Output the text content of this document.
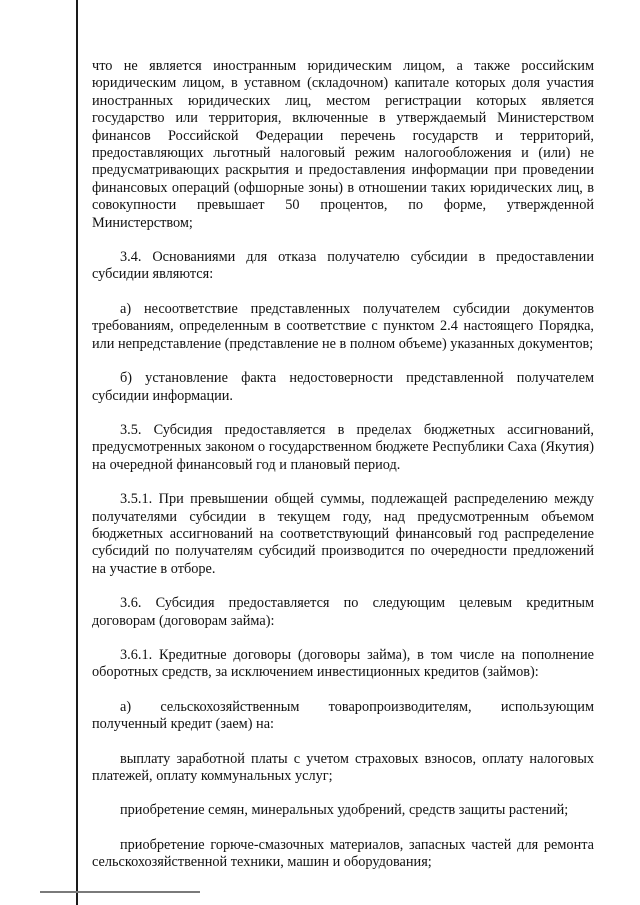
что не является иностранным юридическим лицом, а также российским юридическим лицом, в уставном (складочном) капитале которых доля участия иностранных юридических лиц, местом регистрации которых является государство или территория, включенные в утверждаемый Министерством финансов Российской Федерации перечень государств и территорий, предоставляющих льготный налоговый режим налогообложения и (или) не предусматривающих раскрытия и предоставления информации при проведении финансовых операций (офшорные зоны) в отношении таких юридических лиц, в совокупности превышает 50 процентов, по форме, утвержденной Министерством;

3.4. Основаниями для отказа получателю субсидии в предоставлении субсидии являются:

а) несоответствие представленных получателем субсидии документов требованиям, определенным в соответствие с пунктом 2.4 настоящего Порядка, или непредставление (представление не в полном объеме) указанных документов;

б) установление факта недостоверности представленной получателем субсидии информации.

3.5. Субсидия предоставляется в пределах бюджетных ассигнований, предусмотренных законом о государственном бюджете Республики Саха (Якутия) на очередной финансовый год и плановый период.

3.5.1. При превышении общей суммы, подлежащей распределению между получателями субсидии в текущем году, над предусмотренным объемом бюджетных ассигнований на соответствующий финансовый год распределение субсидий по получателям субсидий производится по очередности предложений на участие в отборе.

3.6. Субсидия предоставляется по следующим целевым кредитным договорам (договорам займа):

3.6.1. Кредитные договоры (договоры займа), в том числе на пополнение оборотных средств, за исключением инвестиционных кредитов (займов):

а) сельскохозяйственным товаропроизводителям, использующим полученный кредит (заем) на:

выплату заработной платы с учетом страховых взносов, оплату налоговых платежей, оплату коммунальных услуг;

приобретение семян, минеральных удобрений, средств защиты растений;

приобретение горюче-смазочных материалов, запасных частей для ремонта сельскохозяйственной техники, машин и оборудования;
